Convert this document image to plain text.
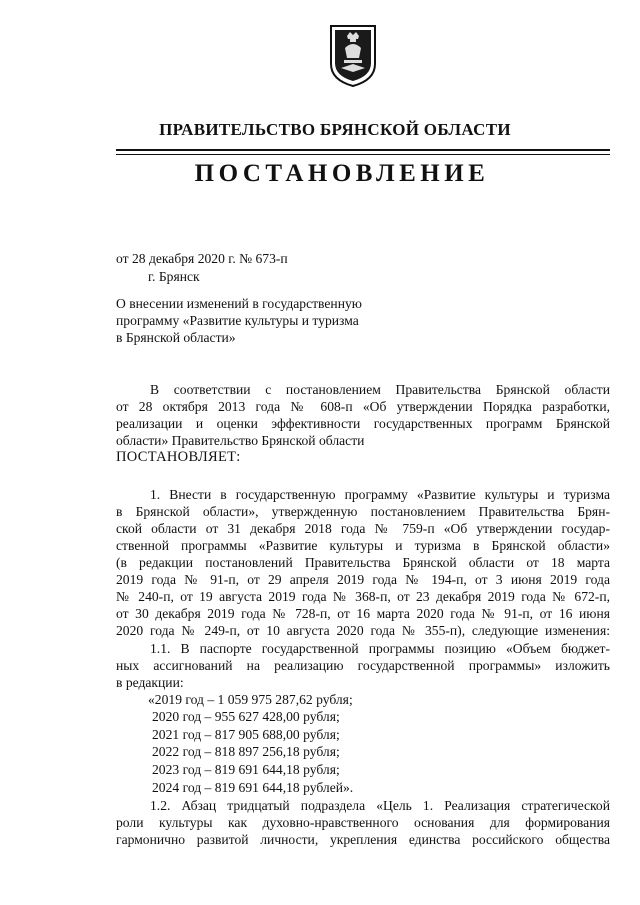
ПРАВИТЕЛЬСТВО БРЯНСКОЙ ОБЛАСТИ
ПОСТАНОВЛЕНИЕ
от 28 декабря 2020 г. № 673-п
г. Брянск
О внесении изменений в государственную
программу «Развитие культуры и туризма
в Брянской области»
В соответствии с постановлением Правительства Брянской области
от 28 октября 2013 года № 608-п «Об утверждении Порядка разработки,
реализации и оценки эффективности государственных программ Брянской
области» Правительство Брянской области
ПОСТАНОВЛЯЕТ:
1. Внести в государственную программу «Развитие культуры и туризма
в Брянской области», утвержденную постановлением Правительства Брян-
ской области от 31 декабря 2018 года № 759-п «Об утверждении государ-
ственной программы «Развитие культуры и туризма в Брянской области»
(в редакции постановлений Правительства Брянской области от 18 марта
2019 года № 91-п, от 29 апреля 2019 года № 194-п, от 3 июня 2019 года
№ 240-п, от 19 августа 2019 года № 368-п, от 23 декабря 2019 года № 672-п,
от 30 декабря 2019 года № 728-п, от 16 марта 2020 года № 91-п, от 16 июня
2020 года № 249-п, от 10 августа 2020 года № 355-п), следующие изменения:
1.1. В паспорте государственной программы позицию «Объем бюджет-
ных ассигнований на реализацию государственной программы» изложить
в редакции:
«2019 год – 1 059 975 287,62 рубля;
2020 год – 955 627 428,00 рубля;
2021 год – 817 905 688,00 рубля;
2022 год – 818 897 256,18 рубля;
2023 год – 819 691 644,18 рубля;
2024 год – 819 691 644,18 рублей».
1.2. Абзац тридцатый подраздела «Цель 1. Реализация стратегической
роли культуры как духовно-нравственного основания для формирования
гармонично развитой личности, укрепления единства российского общества
